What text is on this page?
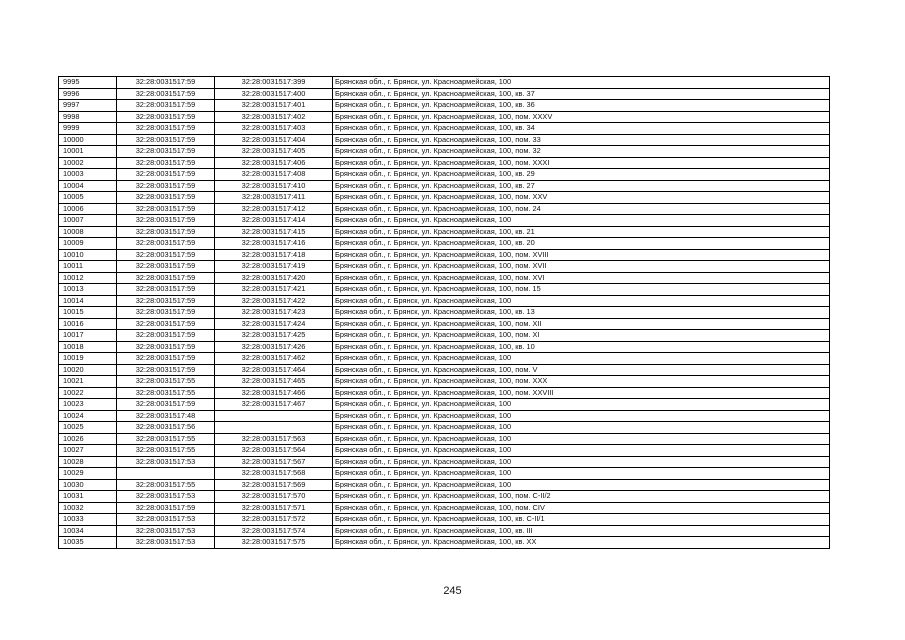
9995	32:28:0031517:59	32:28:0031517:399	Брянская обл., г. Брянск, ул. Красноармейская, 100
9996	32:28:0031517:59	32:28:0031517:400	Брянская обл., г. Брянск, ул. Красноармейская, 100, кв. 37
9997	32:28:0031517:59	32:28:0031517:401	Брянская обл., г. Брянск, ул. Красноармейская, 100, кв. 36
9998	32:28:0031517:59	32:28:0031517:402	Брянская обл., г. Брянск, ул. Красноармейская, 100, пом. XXXV
9999	32:28:0031517:59	32:28:0031517:403	Брянская обл., г. Брянск, ул. Красноармейская, 100, кв. 34
10000	32:28:0031517:59	32:28:0031517:404	Брянская обл., г. Брянск, ул. Красноармейская, 100, пом. 33
10001	32:28:0031517:59	32:28:0031517:405	Брянская обл., г. Брянск, ул. Красноармейская, 100, пом. 32
10002	32:28:0031517:59	32:28:0031517:406	Брянская обл., г. Брянск, ул. Красноармейская, 100, пом. XXXI
10003	32:28:0031517:59	32:28:0031517:408	Брянская обл., г. Брянск, ул. Красноармейская, 100, кв. 29
10004	32:28:0031517:59	32:28:0031517:410	Брянская обл., г. Брянск, ул. Красноармейская, 100, кв. 27
10005	32:28:0031517:59	32:28:0031517:411	Брянская обл., г. Брянск, ул. Красноармейская, 100, пом. XXV
10006	32:28:0031517:59	32:28:0031517:412	Брянская обл., г. Брянск, ул. Красноармейская, 100, пом. 24
10007	32:28:0031517:59	32:28:0031517:414	Брянская обл., г. Брянск, ул. Красноармейская, 100
10008	32:28:0031517:59	32:28:0031517:415	Брянская обл., г. Брянск, ул. Красноармейская, 100, кв. 21
10009	32:28:0031517:59	32:28:0031517:416	Брянская обл., г. Брянск, ул. Красноармейская, 100, кв. 20
10010	32:28:0031517:59	32:28:0031517:418	Брянская обл., г. Брянск, ул. Красноармейская, 100, пом. XVIII
10011	32:28:0031517:59	32:28:0031517:419	Брянская обл., г. Брянск, ул. Красноармейская, 100, пом. XVII
10012	32:28:0031517:59	32:28:0031517:420	Брянская обл., г. Брянск, ул. Красноармейская, 100, пом. XVI
10013	32:28:0031517:59	32:28:0031517:421	Брянская обл., г. Брянск, ул. Красноармейская, 100, пом. 15
10014	32:28:0031517:59	32:28:0031517:422	Брянская обл., г. Брянск, ул. Красноармейская, 100
10015	32:28:0031517:59	32:28:0031517:423	Брянская обл., г. Брянск, ул. Красноармейская, 100, кв. 13
10016	32:28:0031517:59	32:28:0031517:424	Брянская обл., г. Брянск, ул. Красноармейская, 100, пом. XII
10017	32:28:0031517:59	32:28:0031517:425	Брянская обл., г. Брянск, ул. Красноармейская, 100, пом. XI
10018	32:28:0031517:59	32:28:0031517:426	Брянская обл., г. Брянск, ул. Красноармейская, 100, кв. 10
10019	32:28:0031517:59	32:28:0031517:462	Брянская обл., г. Брянск, ул. Красноармейская, 100
10020	32:28:0031517:59	32:28:0031517:464	Брянская обл., г. Брянск, ул. Красноармейская, 100, пом. V
10021	32:28:0031517:55	32:28:0031517:465	Брянская обл., г. Брянск, ул. Красноармейская, 100, пом. XXX
10022	32:28:0031517:55	32:28:0031517:466	Брянская обл., г. Брянск, ул. Красноармейская, 100, пом. XXVIII
10023	32:28:0031517:59	32:28:0031517:467	Брянская обл., г. Брянск, ул. Красноармейская, 100
10024	32:28:0031517:48		Брянская обл., г. Брянск, ул. Красноармейская, 100
10025	32:28:0031517:56		Брянская обл., г. Брянск, ул. Красноармейская, 100
10026	32:28:0031517:55	32:28:0031517:563	Брянская обл., г. Брянск, ул. Красноармейская, 100
10027	32:28:0031517:55	32:28:0031517:564	Брянская обл., г. Брянск, ул. Красноармейская, 100
10028	32:28:0031517:53	32:28:0031517:567	Брянская обл., г. Брянск, ул. Красноармейская, 100
10029		32:28:0031517:568	Брянская обл., г. Брянск, ул. Красноармейская, 100
10030	32:28:0031517:55	32:28:0031517:569	Брянская обл., г. Брянск, ул. Красноармейская, 100
10031	32:28:0031517:53	32:28:0031517:570	Брянская обл., г. Брянск, ул. Красноармейская, 100, пом. С-II/2
10032	32:28:0031517:59	32:28:0031517:571	Брянская обл., г. Брянск, ул. Красноармейская, 100, пом. CIV
10033	32:28:0031517:53	32:28:0031517:572	Брянская обл., г. Брянск, ул. Красноармейская, 100, кв. С-II/1
10034	32:28:0031517:53	32:28:0031517:574	Брянская обл., г. Брянск, ул. Красноармейская, 100, кв. III
10035	32:28:0031517:53	32:28:0031517:575	Брянская обл., г. Брянск, ул. Красноармейская, 100, кв. XX
245
